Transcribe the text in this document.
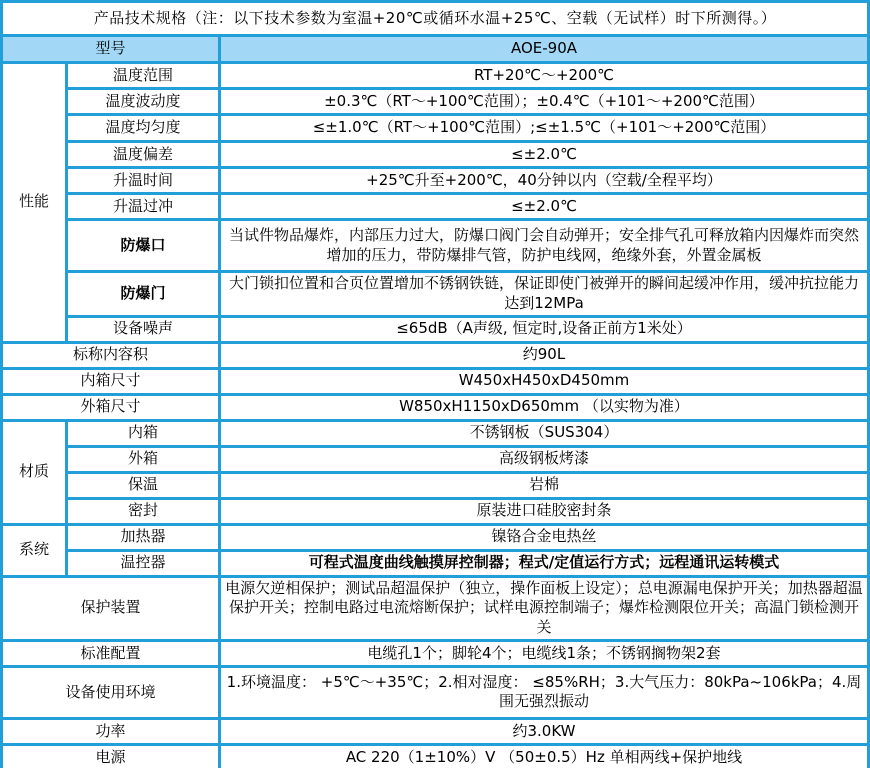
产品技术规格（注：以下技术参数为室温+20℃或循环水温+25℃、空载（无试样）时下所测得。）		
型号		AOE-90A
性能	温度范围	RT+20℃～+200℃
	温度波动度	±0.3℃（RT～+100℃范围）；±0.4℃（+101～+200℃范围）
	温度均匀度	≤±1.0℃（RT～+100℃范围）;≤±1.5℃（+101～+200℃范围）
	温度偏差	≤±2.0℃
	升温时间	+25℃升至+200℃，40分钟以内（空载/全程平均）
	升温过冲	≤±2.0℃
	防爆口	当试件物品爆炸，内部压力过大，防爆口阀门会自动弹开；安全排气孔可释放箱内因爆炸而突然增加的压力，带防爆排气管，防护电线网，绝缘外套，外置金属板
	防爆门	大门锁扣位置和合页位置增加不锈钢铁链，保证即使门被弹开的瞬间起缓冲作用，缓冲抗拉能力达到12MPa
	设备噪声	≤65dB（A声级, 恒定时,设备正前方1米处）
标称内容积		约90L
内箱尺寸		W450xH450xD450mm
外箱尺寸		W850xH1150xD650mm （以实物为准）
材质	内箱	不锈钢板（SUS304）
	外箱	高级钢板烤漆
	保温	岩棉
	密封	原装进口硅胶密封条
系统	加热器	镍铬合金电热丝
	温控器	可程式温度曲线触摸屏控制器；程式/定值运行方式；远程通讯运转模式
保护装置		电源欠逆相保护；测试品超温保护（独立，操作面板上设定）；总电源漏电保护开关；加热器超温保护开关；控制电路过电流熔断保护；试样电源控制端子；爆炸检测限位开关；高温门锁检测开关
标准配置		电缆孔1个；脚轮4个；电缆线1条；不锈钢搁物架2套
设备使用环境		1.环境温度： +5℃～+35℃；2.相对湿度： ≤85%RH；3.大气压力：80kPa~106kPa；4.周围无强烈振动
功率		约3.0KW
电源		AC 220（1±10%）V （50±0.5）Hz 单相两线+保护地线
